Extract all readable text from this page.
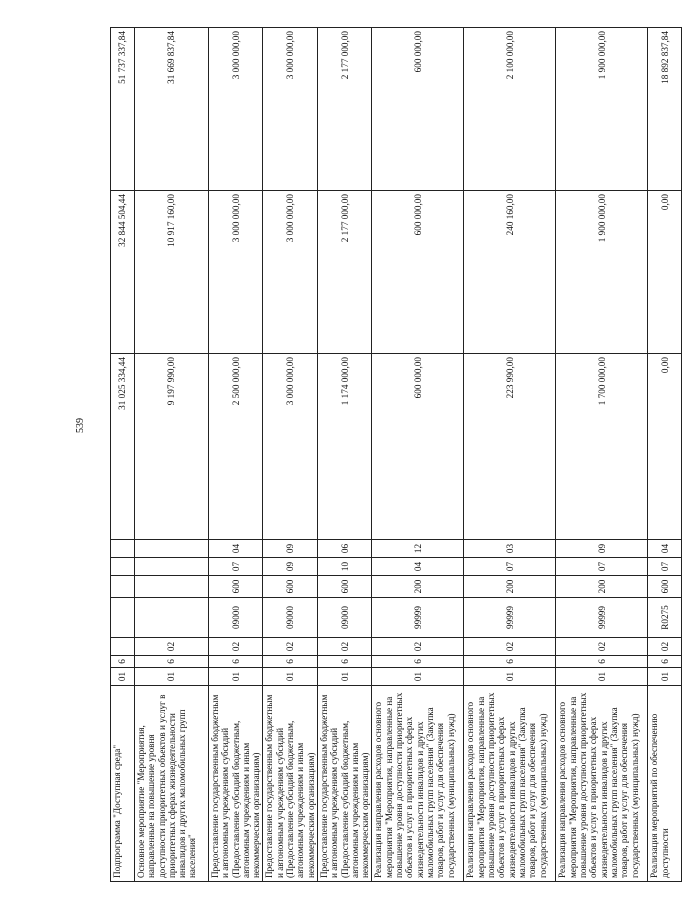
539
Подпрограмма "Доступная среда"	01	6						31 025 334,44	32 844 504,44	51 737 337,84
Основное мероприятие "Мероприятия, направленные на повышение уровня доступности приоритетных объектов и услуг в приоритетных сферах жизнедеятельности инвалидов и других маломобильных групп населения"	01	6	02					9 197 990,00	10 917 160,00	31 669 837,84
Предоставление государственным бюджетным и автономным учреждениям субсидий (Предоставление субсидий бюджетным, автономным учреждениям и иным некоммерческим организациям)	01	6	02	09000	600	07	04	2 500 000,00	3 000 000,00	3 000 000,00
Предоставление государственным бюджетным и автономным учреждениям субсидий (Предоставление субсидий бюджетным, автономным учреждениям и иным некоммерческим организациям)	01	6	02	09000	600	09	09	3 000 000,00	3 000 000,00	3 000 000,00
Предоставление государственным бюджетным и автономным учреждениям субсидий (Предоставление субсидий бюджетным, автономным учреждениям и иным некоммерческим организациям)	01	6	02	09000	600	10	06	1 174 000,00	2 177 000,00	2 177 000,00
Реализация направления расходов основного мероприятия "Мероприятия, направленные на повышение уровня доступности приоритетных объектов и услуг в приоритетных сферах жизнедеятельности инвалидов и других маломобильных групп населения" (Закупка товаров, работ и услуг для обеспечения государственных (муниципальных) нужд)	01	6	02	99999	200	04	12	600 000,00	600 000,00	600 000,00
Реализация направления расходов основного мероприятия "Мероприятия, направленные на повышение уровня доступности приоритетных объектов и услуг в приоритетных сферах жизнедеятельности инвалидов и других маломобильных групп населения" (Закупка товаров, работ и услуг для обеспечения государственных (муниципальных) нужд)	01	6	02	99999	200	07	03	223 990,00	240 160,00	2 100 000,00
Реализация направления расходов основного мероприятия "Мероприятия, направленные на повышение уровня доступности приоритетных объектов и услуг в приоритетных сферах жизнедеятельности инвалидов и других маломобильных групп населения" (Закупка товаров, работ и услуг для обеспечения государственных (муниципальных) нужд)	01	6	02	99999	200	07	09	1 700 000,00	1 900 000,00	1 900 000,00
Реализация мероприятий по обеспечению доступности	01	6	02	R0275	600	07	04	0,00	0,00	18 892 837,84
